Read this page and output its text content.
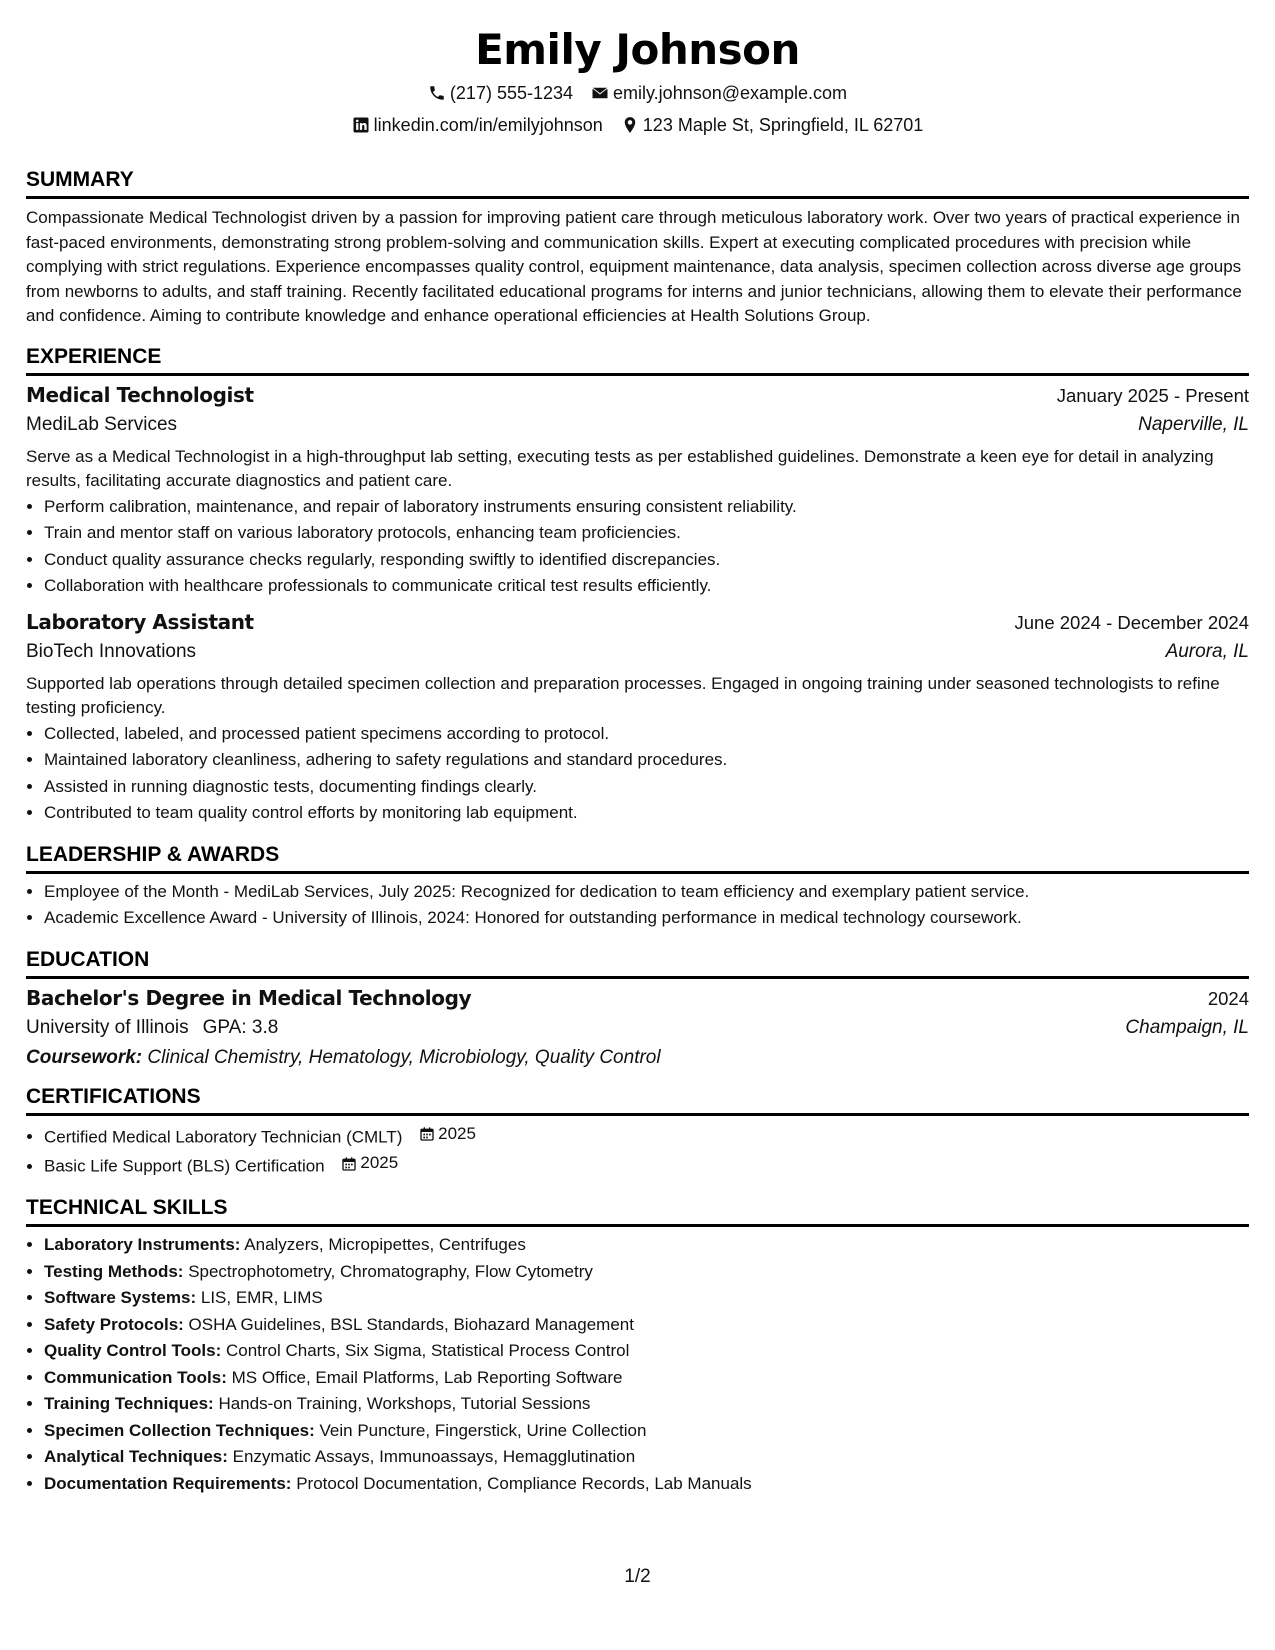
Emily Johnson
(217) 555-1234 emily.johnson@example.com
linkedin.com/in/emilyjohnson 123 Maple St, Springfield, IL 62701
SUMMARY
Compassionate Medical Technologist driven by a passion for improving patient care through meticulous laboratory work. Over two years of practical experience in fast-paced environments, demonstrating strong problem-solving and communication skills. Expert at executing complicated procedures with precision while complying with strict regulations. Experience encompasses quality control, equipment maintenance, data analysis, specimen collection across diverse age groups from newborns to adults, and staff training. Recently facilitated educational programs for interns and junior technicians, allowing them to elevate their performance and confidence. Aiming to contribute knowledge and enhance operational efficiencies at Health Solutions Group.
EXPERIENCE
Medical Technologist	January 2025 - Present
MediLab Services	Naperville, IL
Serve as a Medical Technologist in a high-throughput lab setting, executing tests as per established guidelines. Demonstrate a keen eye for detail in analyzing results, facilitating accurate diagnostics and patient care.
• Perform calibration, maintenance, and repair of laboratory instruments ensuring consistent reliability.
• Train and mentor staff on various laboratory protocols, enhancing team proficiencies.
• Conduct quality assurance checks regularly, responding swiftly to identified discrepancies.
• Collaboration with healthcare professionals to communicate critical test results efficiently.
Laboratory Assistant	June 2024 - December 2024
BioTech Innovations	Aurora, IL
Supported lab operations through detailed specimen collection and preparation processes. Engaged in ongoing training under seasoned technologists to refine testing proficiency.
• Collected, labeled, and processed patient specimens according to protocol.
• Maintained laboratory cleanliness, adhering to safety regulations and standard procedures.
• Assisted in running diagnostic tests, documenting findings clearly.
• Contributed to team quality control efforts by monitoring lab equipment.
LEADERSHIP & AWARDS
• Employee of the Month - MediLab Services, July 2025: Recognized for dedication to team efficiency and exemplary patient service.
• Academic Excellence Award - University of Illinois, 2024: Honored for outstanding performance in medical technology coursework.
EDUCATION
Bachelor's Degree in Medical Technology	2024
University of Illinois GPA: 3.8	Champaign, IL
Coursework: Clinical Chemistry, Hematology, Microbiology, Quality Control
CERTIFICATIONS
• Certified Medical Laboratory Technician (CMLT) 2025
• Basic Life Support (BLS) Certification 2025
TECHNICAL SKILLS
• Laboratory Instruments: Analyzers, Micropipettes, Centrifuges
• Testing Methods: Spectrophotometry, Chromatography, Flow Cytometry
• Software Systems: LIS, EMR, LIMS
• Safety Protocols: OSHA Guidelines, BSL Standards, Biohazard Management
• Quality Control Tools: Control Charts, Six Sigma, Statistical Process Control
• Communication Tools: MS Office, Email Platforms, Lab Reporting Software
• Training Techniques: Hands-on Training, Workshops, Tutorial Sessions
• Specimen Collection Techniques: Vein Puncture, Fingerstick, Urine Collection
• Analytical Techniques: Enzymatic Assays, Immunoassays, Hemagglutination
• Documentation Requirements: Protocol Documentation, Compliance Records, Lab Manuals
1/2
